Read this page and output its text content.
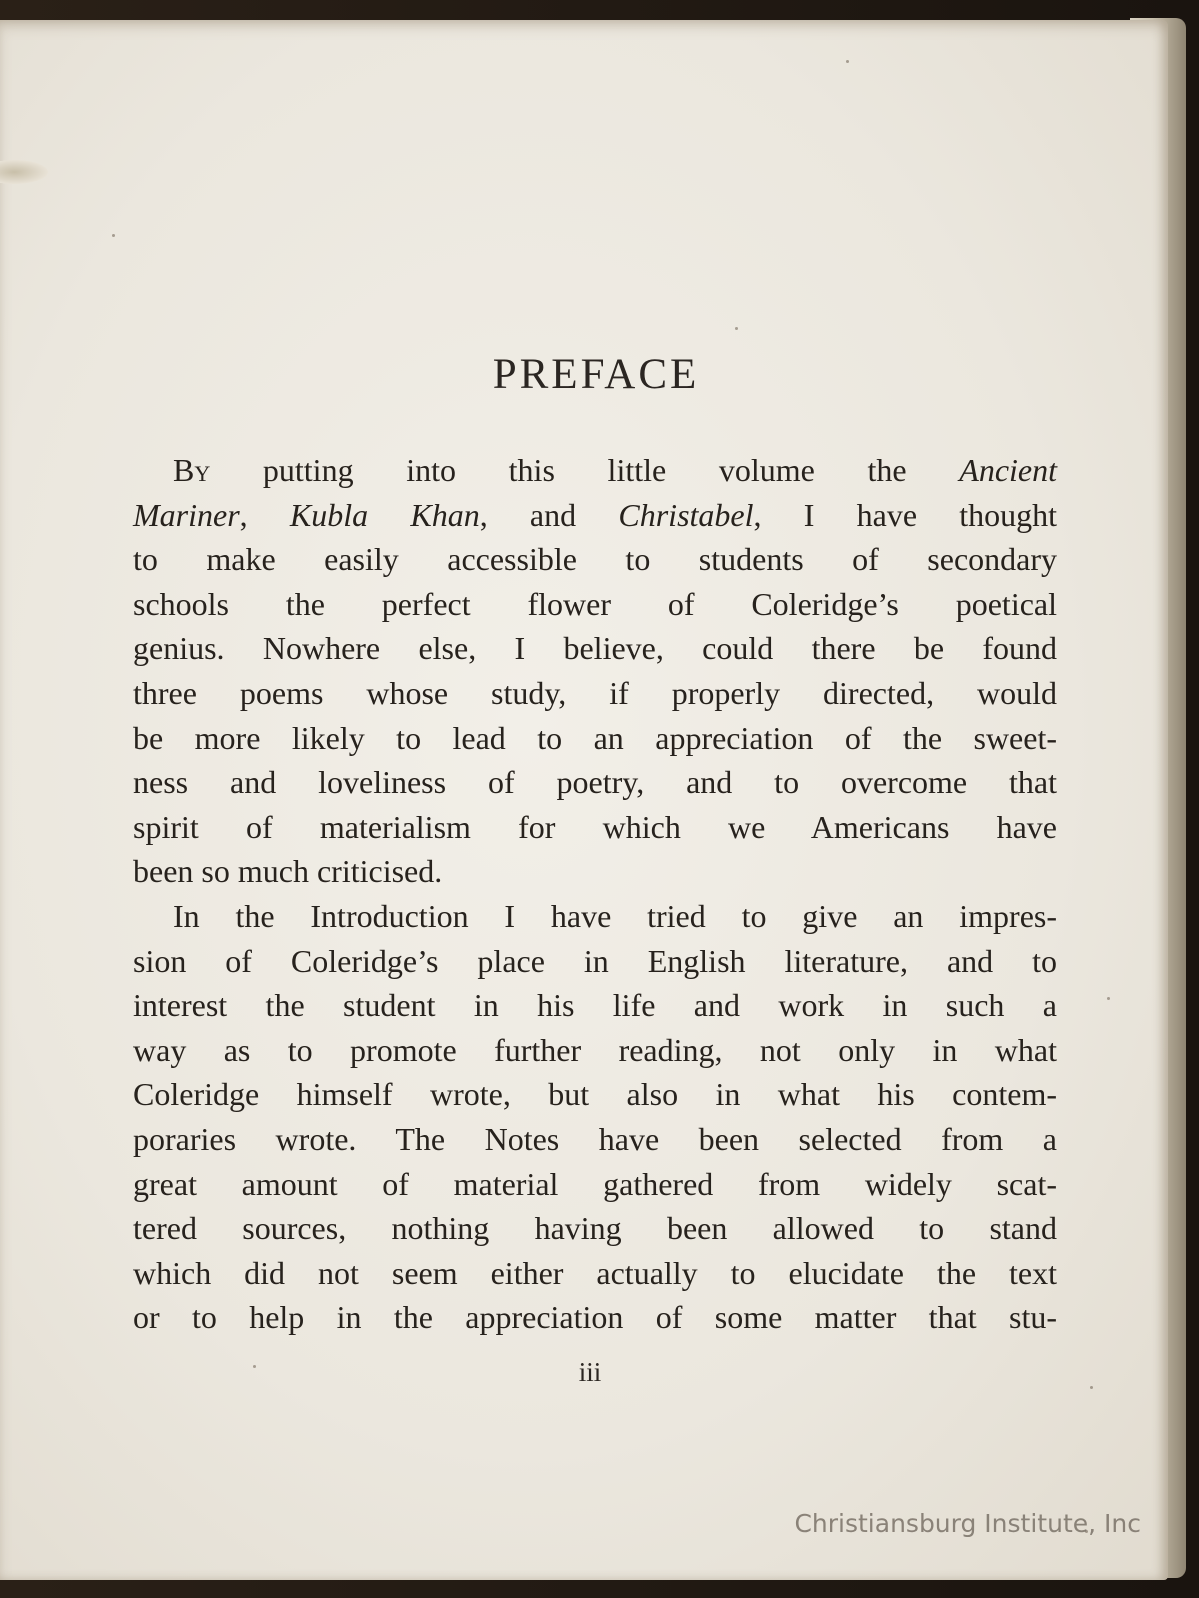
PREFACE
By putting into this little volume the Ancient
Mariner, Kubla Khan, and Christabel, I have thought
to make easily accessible to students of secondary
schools the perfect flower of Coleridge’s poetical
genius. Nowhere else, I believe, could there be found
three poems whose study, if properly directed, would
be more likely to lead to an appreciation of the sweet-
ness and loveliness of poetry, and to overcome that
spirit of materialism for which we Americans have
been so much criticised.
In the Introduction I have tried to give an impres-
sion of Coleridge’s place in English literature, and to
interest the student in his life and work in such a
way as to promote further reading, not only in what
Coleridge himself wrote, but also in what his contem-
poraries wrote. The Notes have been selected from a
great amount of material gathered from widely scat-
tered sources, nothing having been allowed to stand
which did not seem either actually to elucidate the text
or to help in the appreciation of some matter that stu-
iii
Christiansburg Institute, Inc
